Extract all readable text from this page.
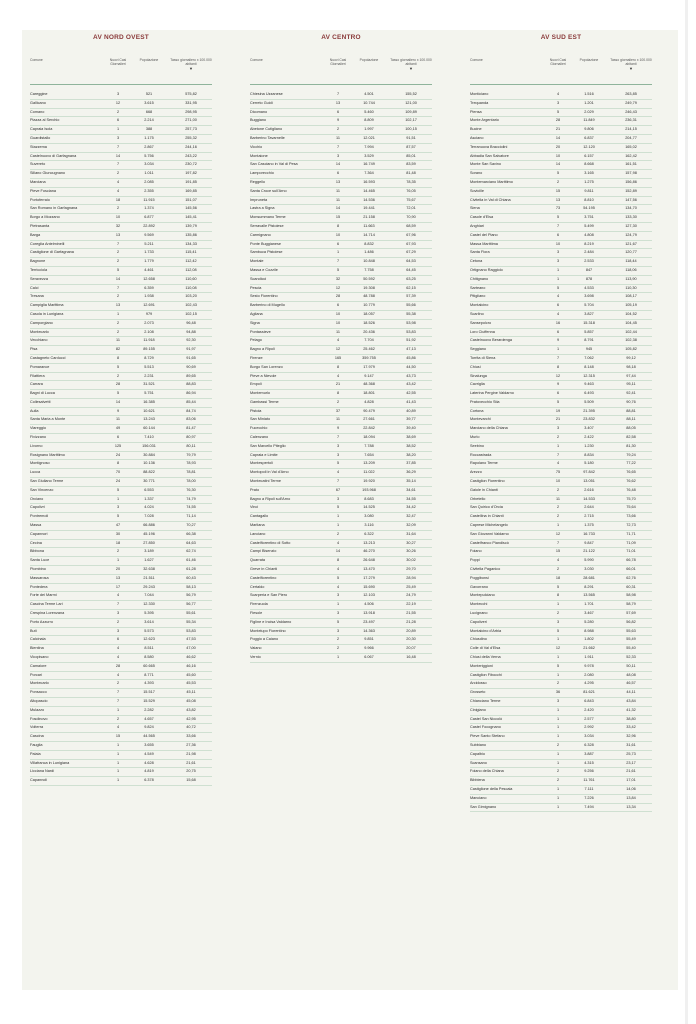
AV NORD OVEST
Comune	Nuovi Casi Giornalieri
Popolazione	Tasso giornaliero x 100.000 abitanti
▼
Careggine	3	521	575,82
Gallicano	12	3.615	331,95
Comano	2	668	298,95
Piazza al Serchio	6	2.214	271,00
Capraia Isola	1	388	257,73
Guardistallo	3	1.175	255,32
Stazzema	7	2.867	244,16
Castelnuovo di Garfagnana	14	5.756	243,22
Suvereto	7	3.034	230,72
Sillano Giuncugnano	2	1.011	197,82
Marciana	4	2.085	191,85
Pieve Fosciana	4	2.355	169,85
Portoferraio	18	11.915	151,07
San Romano in Garfagnana	2	1.374	145,56
Borgo a Mozzano	10	6.877	145,41
Pietrasanta	32	22.892	139,79
Barga	13	9.569	135,86
Coreglia Antelminelli	7	5.211	134,33
Castiglione di Garfagnana	2	1.733	115,41
Bagnone	2	1.779	112,42
Terricciola	5	4.461	112,08
Seravezza	14	12.658	110,60
Calci	7	6.359	110,08
Tresana	2	1.938	103,20
Campiglia Marittima	13	12.691	102,43
Casola in Lunigiana	1	979	102,15
Camporgiano	2	2.073	96,48
Montecarlo	2	2.108	94,88
Vecchiano	11	11.918	92,30
Pisa	82	89.155	91,97
Castagneto Carducci	8	8.729	91,65
Pomarance	5	5.513	90,69
Filattiera	2	2.231	89,65
Carrara	28	31.521	88,83
Bagni di Lucca	5	5.751	86,94
Collesalvetti	14	16.385	85,44
Aulla	9	10.621	84,74
Santa Maria a Monte	11	13.243	83,06
Viareggio	49	60.144	81,47
Fivizzano	6	7.410	80,97
Livorno	125	156.031	80,11
Rosignano Marittimo	24	30.884	79,79
Montignoso	8	10.136	78,93
Lucca	70	88.822	78,81
San Giuliano Terme	24	30.771	78,00
San Vincenzo	5	6.553	76,30
Orciano	1	1.337	74,79
Capolivri	3	4.024	74,55
Pontremoli	5	7.028	71,14
Massa	47	66.886	70,27
Capannori	30	45.196	66,38
Cecina	18	27.850	64,63
Bibbona	2	3.189	62,74
Santa Luce	1	1.627	61,46
Piombino	20	32.638	61,28
Massarosa	13	21.511	60,43
Pontedera	17	29.243	58,13
Forte dei Marmi	4	7.044	56,79
Cascina Terme Lari	7	12.330	56,77
Crespina Lorenzana	3	5.395	55,61
Porto Azzurro	2	3.614	55,34
Buti	3	5.573	53,83
Calcinaia	6	12.623	47,53
Bientina	4	8.511	47,00
Vicopisano	4	8.580	46,62
Camaiore	28	60.665	46,16
Porcari	4	8.771	45,60
Montecarlo	2	4.393	45,53
Ponsacco	7	15.517	45,11
Altopascio	7	15.529	45,08
Mulazzo	1	2.282	43,82
Fosdinovo	2	4.657	42,95
Volterra	4	9.824	40,72
Cascina	15	44.565	33,66
Fauglia	1	3.655	27,36
Palaia	1	4.549	21,98
Villafranca in Lunigiana	1	4.628	21,61
Licciana Nardi	1	4.819	20,75
Capannoli	1	6.378	15,68
AV CENTRO
Comune	Nuovi Casi Giornalieri
Popolazione	Tasso giornaliero x 100.000 abitanti
▼
Chiesina Uzzanese	7	4.501	155,52
Cerreto Guidi	13	10.744	121,00
Dicomano	6	5.460	109,89
Buggiano	9	8.809	102,17
Abetone Cutigliano	2	1.997	100,15
Barberino Tavarnelle	11	12.021	91,51
Vicchio	7	7.994	87,57
Montaione	3	3.529	85,01
San Casciano in Val di Pesa	14	16.749	83,59
Lamporecchio	6	7.364	81,48
Reggello	13	16.593	78,35
Santa Croce sull'Arno	11	14.465	76,05
Impruneta	11	14.536	75,67
Lastra a Signa	14	19.441	72,01
Monsummano Terme	15	21.158	70,90
Serravalle Pistoiese	8	11.663	68,59
Carmignano	10	14.714	67,96
Ponte Buggianese	6	8.832	67,93
Sambuca Pistoiese	1	1.486	67,29
Montale	7	10.848	64,53
Massa e Cozzile	5	7.758	64,45
Scandicci	32	50.592	63,25
Pescia	12	19.308	62,15
Sesto Fiorentino	28	48.788	57,39
Barberino di Mugello	6	10.779	55,66
Agliana	10	18.057	55,38
Signa	10	18.526	53,98
Pontassieve	11	20.436	53,83
Pelago	4	7.704	51,92
Bagno a Ripoli	12	25.462	47,13
Firenze	165	359.755	45,86
Borgo San Lorenzo	8	17.979	44,50
Pieve a Nievole	4	9.147	43,73
Empoli	21	48.368	43,42
Montemurlo	8	18.801	42,55
Gambassi Terme	2	4.828	41,43
Pistoia	37	90.479	40,89
San Miniato	11	27.661	39,77
Fucecchio	9	22.842	39,40
Calenzano	7	18.094	38,69
San Marcello Piteglio	3	7.788	38,52
Capraia e Limite	3	7.654	38,20
Montespertoli	5	13.209	37,85
Montopoli in Val d'Arno	4	11.022	36,29
Montecatini Terme	7	19.920	35,14
Prato	67	193.968	34,61
Bagno a Ripoli sull'Arno	3	8.683	34,55
Vinci	5	14.525	34,42
Cantagallo	1	3.080	32,47
Marliana	1	3.116	32,09
Lanciano	2	6.322	31,64
Castelfiorentino di Sotto	4	13.213	30,27
Campi Bisenzio	14	46.270	30,26
Quarrata	8	26.648	30,02
Greve in Chianti	4	13.470	29,70
Castelfiorentino	5	17.279	28,94
Certaldo	4	15.690	25,49
Scarperia e San Piero	3	12.103	24,79
Firenzuola	1	4.506	22,19
Fiesole	3	13.918	21,55
Figline e Incisa Valdarno	5	23.497	21,28
Montelupo Fiorentino	3	14.363	20,89
Poggio a Caiano	2	9.851	20,30
Vaiano	2	9.966	20,07
Vernio	1	6.067	16,48
AV SUD EST
Comune	Nuovi Casi Giornalieri
Popolazione	Tasso giornaliero x 100.000 abitanti
▼
Monticiano	4	1.516	263,85
Trequanda	3	1.201	249,79
Piensa	5	2.029	246,43
Monte Argentario	28	11.849	236,31
Bucine	21	9.806	214,15
Asciano	14	6.837	204,77
Terranuova Bracciolini	20	12.120	165,02
Abbadia San Salvatore	10	6.157	162,42
Monte San Savino	14	8.668	161,51
Sorano	5	3.165	157,98
Montemarciano Marittimo	2	1.275	156,86
Sovicille	15	9.811	152,89
Civitella in Val di Chiana	13	8.810	147,56
Siena	73	54.195	134,70
Casole d'Elsa	5	3.751	133,30
Anghiari	7	5.499	127,30
Castel del Piano	6	4.808	124,79
Massa Marittima	10	8.219	121,67
Santa Fiora	3	2.484	120,77
Cetona	3	2.533	118,44
Ortignano Raggiolo	1	847	118,06
Chitignano	1	878	113,90
Sarteano	5	4.533	110,30
Pitigliano	4	3.698	108,17
Montalcino	6	5.704	105,19
Scarlino	4	3.827	104,52
Sansepolcro	16	15.318	104,45
Loro Ciuffenna	6	5.857	102,44
Castelnuovo Berardenga	9	8.791	102,38
Seggiano	1	945	105,82
Torrita di Siena	7	7.062	99,12
Chiusi	8	8.148	98,18
Sinalunga	12	12.315	97,44
Cavriglia	9	9.463	95,11
Laterina Pergine Valdarno	6	6.493	92,41
Pratovecchio Stia	5	5.509	90,76
Cortona	19	21.395	88,81
Montevarchi	21	23.832	88,11
Marciano della Chiana	3	3.407	88,05
Murlo	2	2.422	82,58
Seebino	1	1.230	81,30
Roccastrada	7	8.834	79,24
Rapolano Terme	4	5.180	77,22
Arezzo	75	97.842	76,65
Castiglion Fiorentino	10	13.051	76,62
Gaiole in Chianti	2	2.616	76,48
Orbetello	11	14.533	75,70
San Quirico d'Orcia	2	2.644	75,64
Castellina in Chianti	2	2.715	73,66
Caprese Michelangelo	1	1.375	72,73
San Giovanni Valdarno	12	16.733	71,71
Castelfranco Piandiscò	7	9.847	71,09
Foiano	15	21.122	71,01
Poppi	4	5.990	66,78
Civitella Paganico	2	3.030	66,01
Poggibonsi	18	28.681	62,76
Gavorrano	5	8.291	60,31
Montepulciano	8	13.565	58,98
Montecchi	1	1.701	58,79
Lucignano	2	3.467	57,69
Capoliveri	3	5.280	56,82
Montalcino d'Arbia	5	8.988	55,63
Chiusdino	1	1.802	55,49
Colle di Val d'Elsa	12	21.662	55,40
Chiusi della Verna	1	1.911	52,33
Monteriggioni	5	9.978	50,11
Castiglion Fibocchi	1	2.080	48,08
Arcidosso	2	4.295	46,57
Grosseto	36	81.621	44,11
Chianciano Terme	3	6.843	43,84
Cinigiano	1	2.420	41,32
Castel San Niccolò	1	2.577	38,80
Castel Focognano	1	2.992	33,42
Pieve Santo Stefano	1	3.034	32,96
Subbiano	2	6.328	31,61
Capalbio	1	3.887	25,73
Scansano	1	4.315	23,17
Foiano della Chiana	2	9.256	21,61
Bibbiena	2	11.761	17,01
Castiglione della Pescaia	1	7.111	14,06
Manciano	1	7.226	13,84
San Gimignano	1	7.494	13,34
